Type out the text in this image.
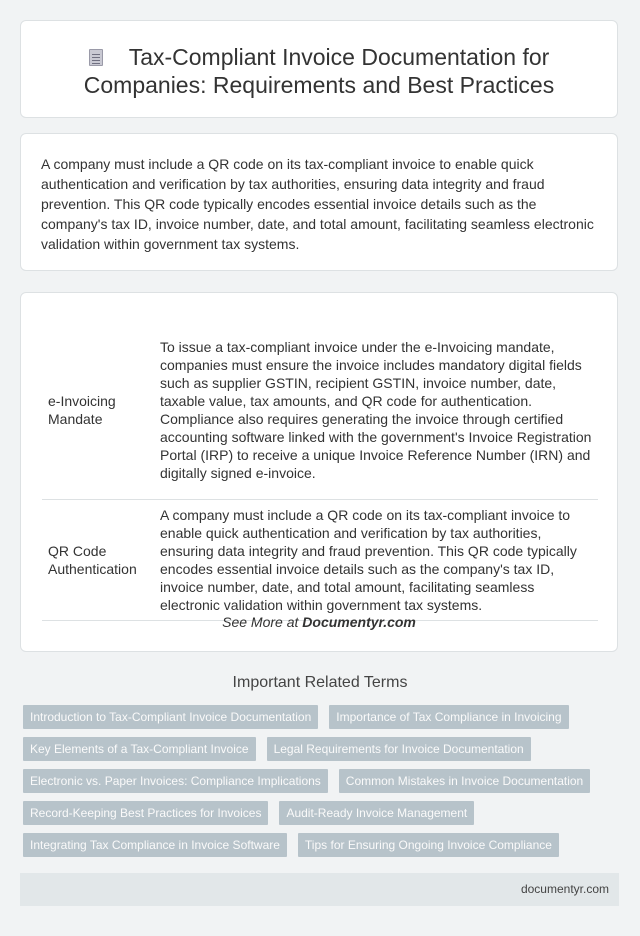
Tax-Compliant Invoice Documentation for Companies: Requirements and Best Practices

A company must include a QR code on its tax-compliant invoice to enable quick authentication and verification by tax authorities, ensuring data integrity and fraud prevention. This QR code typically encodes essential invoice details such as the company's tax ID, invoice number, date, and total amount, facilitating seamless electronic validation within government tax systems.

e-Invoicing Mandate	To issue a tax-compliant invoice under the e-Invoicing mandate, companies must ensure the invoice includes mandatory digital fields such as supplier GSTIN, recipient GSTIN, invoice number, date, taxable value, tax amounts, and QR code for authentication. Compliance also requires generating the invoice through certified accounting software linked with the government's Invoice Registration Portal (IRP) to receive a unique Invoice Reference Number (IRN) and digitally signed e-invoice.
QR Code Authentication	A company must include a QR code on its tax-compliant invoice to enable quick authentication and verification by tax authorities, ensuring data integrity and fraud prevention. This QR code typically encodes essential invoice details such as the company's tax ID, invoice number, date, and total amount, facilitating seamless electronic validation within government tax systems.
See More at Documentyr.com
Important Related Terms
Introduction to Tax-Compliant Invoice Documentation Importance of Tax Compliance in Invoicing
Key Elements of a Tax-Compliant Invoice Legal Requirements for Invoice Documentation
Electronic vs. Paper Invoices: Compliance Implications Common Mistakes in Invoice Documentation
Record-Keeping Best Practices for Invoices Audit-Ready Invoice Management
Integrating Tax Compliance in Invoice Software Tips for Ensuring Ongoing Invoice Compliance
documentyr.com
